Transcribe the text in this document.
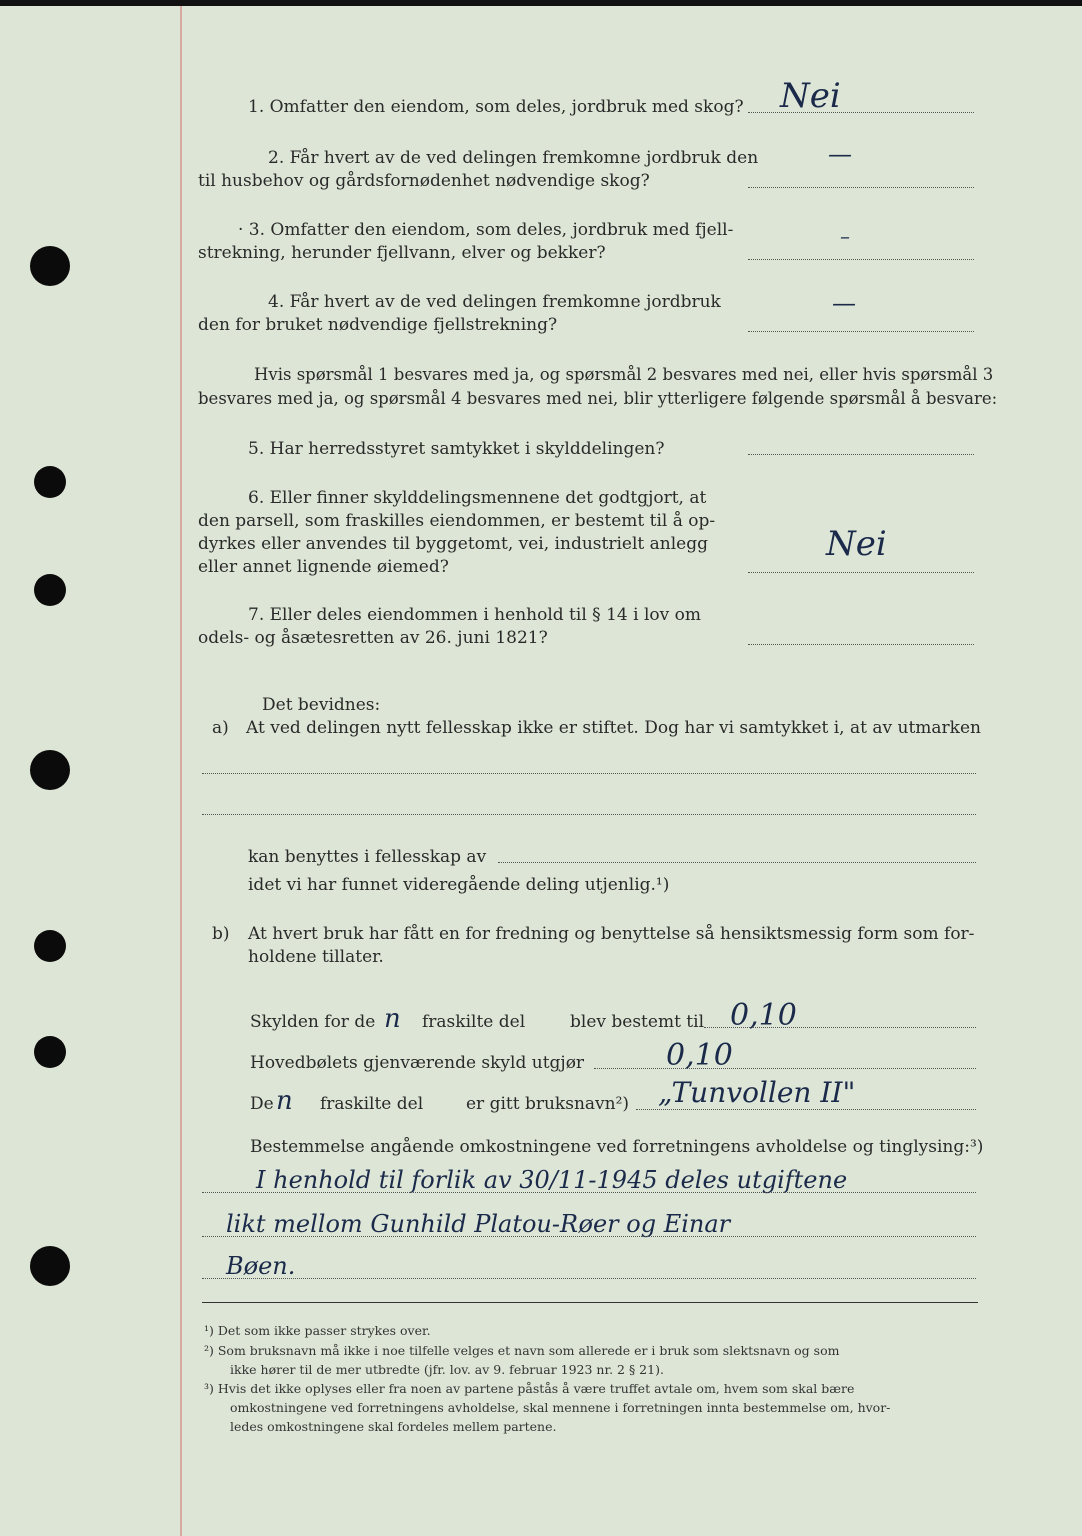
1. Omfatter den eiendom, som deles, jordbruk med skog? Nei
2. Får hvert av de ved delingen fremkomne jordbruk den
til husbehov og gårdsfornødenhet nødvendige skog?
—
· 3. Omfatter den eiendom, som deles, jordbruk med fjell-
strekning, herunder fjellvann, elver og bekker?
–
4. Får hvert av de ved delingen fremkomne jordbruk
den for bruket nødvendige fjellstrekning?
—
Hvis spørsmål 1 besvares med ja, og spørsmål 2 besvares med nei, eller hvis spørsmål 3
besvares med ja, og spørsmål 4 besvares med nei, blir ytterligere følgende spørsmål å besvare:
5. Har herredsstyret samtykket i skylddelingen?
6. Eller finner skylddelingsmennene det godtgjort, at
den parsell, som fraskilles eiendommen, er bestemt til å op-
dyrkes eller anvendes til byggetomt, vei, industrielt anlegg
eller annet lignende øiemed?
Nei
7. Eller deles eiendommen i henhold til § 14 i lov om
odels- og åsætesretten av 26. juni 1821?
Det bevidnes:
a) At ved delingen nytt fellesskap ikke er stiftet. Dog har vi samtykket i, at av utmarken
kan benyttes i fellesskap av
idet vi har funnet videregående deling utjenlig.¹)
b) At hvert bruk har fått en for fredning og benyttelse så hensiktsmessig form som for-
holdene tillater.
Skylden for de n fraskilte del	blev bestemt til 0,10
Hovedbølets gjenværende skyld utgjør	0,10
De n fraskilte del	er gitt bruksnavn²) „Tunvollen II"
Bestemmelse angående omkostningene ved forretningens avholdelse og tinglysing:³)
I henhold til forlik av 30/11-1945 deles utgiftene
likt mellom Gunhild Platou-Røer og Einar
Bøen.
¹) Det som ikke passer strykes over.
²) Som bruksnavn må ikke i noe tilfelle velges et navn som allerede er i bruk som slektsnavn og som
ikke hører til de mer utbredte (jfr. lov. av 9. februar 1923 nr. 2 § 21).
³) Hvis det ikke oplyses eller fra noen av partene påstås å være truffet avtale om, hvem som skal bære
omkostningene ved forretningens avholdelse, skal mennene i forretningen innta bestemmelse om, hvor-
ledes omkostningene skal fordeles mellem partene.
